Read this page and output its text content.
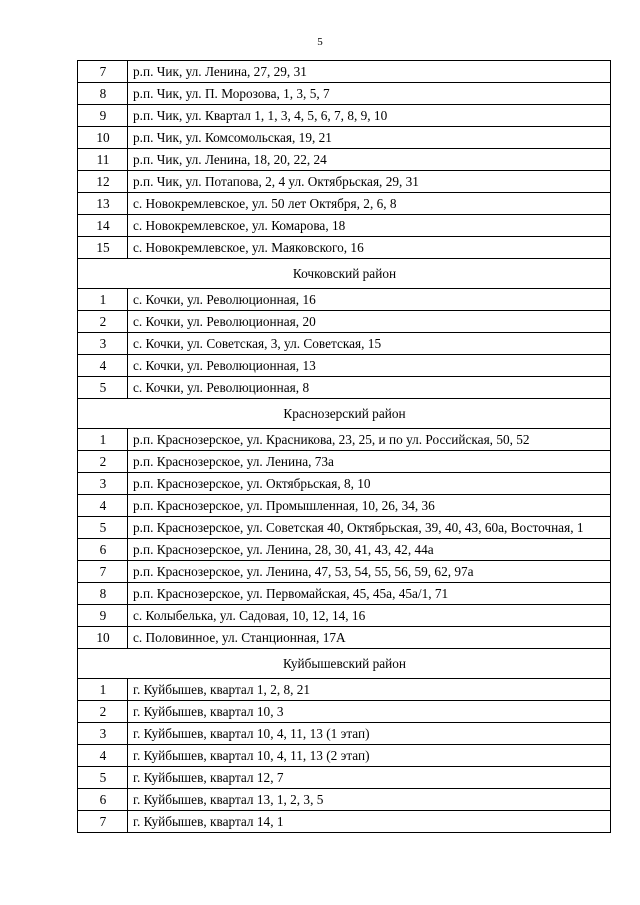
5
7	р.п. Чик, ул. Ленина, 27, 29, 31
8	р.п. Чик, ул. П. Морозова, 1, 3, 5, 7
9	р.п. Чик, ул. Квартал 1, 1, 3, 4, 5, 6, 7, 8, 9, 10
10	р.п. Чик, ул. Комсомольская, 19, 21
11	р.п. Чик, ул. Ленина, 18, 20, 22, 24
12	р.п. Чик, ул. Потапова, 2, 4 ул. Октябрьская, 29, 31
13	с. Новокремлевское, ул. 50 лет Октября, 2, 6, 8
14	с. Новокремлевское, ул. Комарова, 18
15	с. Новокремлевское, ул. Маяковского, 16
Кочковский район	
1	с. Кочки, ул. Революционная, 16
2	с. Кочки, ул. Революционная, 20
3	с. Кочки, ул. Советская, 3, ул. Советская, 15
4	с. Кочки, ул. Революционная, 13
5	с. Кочки, ул. Революционная, 8
Краснозерский район	
1	р.п. Краснозерское, ул. Красникова, 23, 25, и по ул. Российская, 50, 52
2	р.п. Краснозерское, ул. Ленина, 73а
3	р.п. Краснозерское, ул. Октябрьская, 8, 10
4	р.п. Краснозерское, ул. Промышленная, 10, 26, 34, 36
5	р.п. Краснозерское, ул. Советская 40, Октябрьская, 39, 40, 43, 60а, Восточная, 1
6	р.п. Краснозерское, ул. Ленина, 28, 30, 41, 43, 42, 44а
7	р.п. Краснозерское, ул. Ленина, 47, 53, 54, 55, 56, 59, 62, 97а
8	р.п. Краснозерское, ул. Первомайская, 45, 45а, 45а/1, 71
9	с. Колыбелька, ул. Садовая, 10, 12, 14, 16
10	с. Половинное, ул. Станционная, 17А
Куйбышевский район	
1	г. Куйбышев, квартал 1, 2, 8, 21
2	г. Куйбышев, квартал 10, 3
3	г. Куйбышев, квартал 10, 4, 11, 13 (1 этап)
4	г. Куйбышев, квартал 10, 4, 11, 13 (2 этап)
5	г. Куйбышев, квартал 12, 7
6	г. Куйбышев, квартал 13, 1, 2, 3, 5
7	г. Куйбышев, квартал 14, 1
